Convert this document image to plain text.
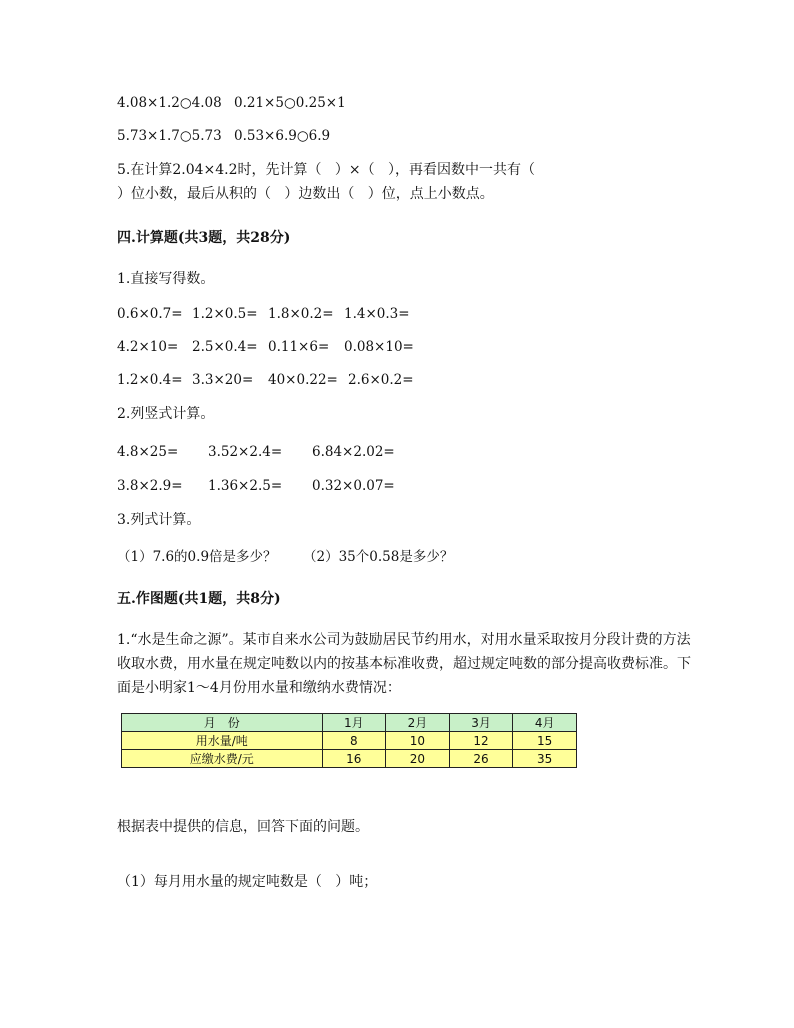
4.08×1.2○4.08 0.21×5○0.25×1
5.73×1.7○5.73 0.53×6.9○6.9
5.在计算2.04×4.2时，先计算（   ）×（   ），再看因数中一共有（
）位小数，最后从积的（   ）边数出（   ）位，点上小数点。
四.计算题(共3题，共28分)
1.直接写得数。
0.6×0.7= 1.2×0.5= 1.8×0.2= 1.4×0.3=
4.2×10= 2.5×0.4= 0.11×6= 0.08×10=
1.2×0.4= 3.3×20= 40×0.22= 2.6×0.2=
2.列竖式计算。
4.8×25= 3.52×2.4= 6.84×2.02=
3.8×2.9= 1.36×2.5= 0.32×0.07=
3.列式计算。
（1）7.6的0.9倍是多少？ （2）35个0.58是多少？
五.作图题(共1题，共8分)
1.“水是生命之源”。某市自来水公司为鼓励居民节约用水，对用水量采取按月分段计费的方法收取水费，用水量在规定吨数以内的按基本标准收费，超过规定吨数的部分提高收费标准。下面是小明家1～4月份用水量和缴纳水费情况：
月　份	1月	2月	3月	4月
用水量/吨	8	10	12	15
应缴水费/元	16	20	26	35
根据表中提供的信息，回答下面的问题。
（1）每月用水量的规定吨数是（   ）吨；
